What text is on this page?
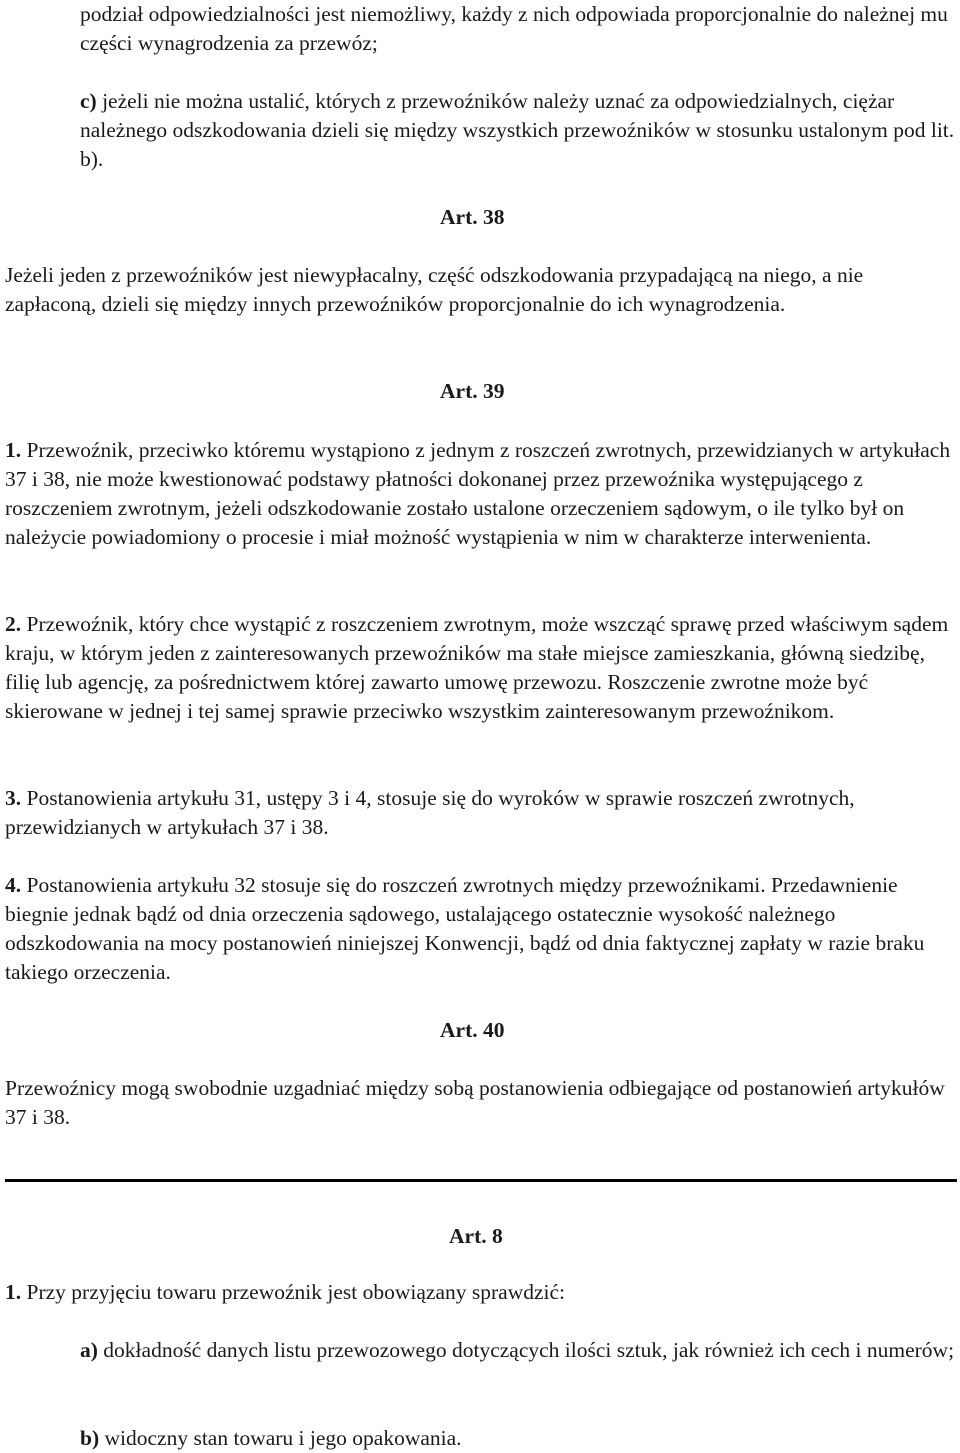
podział odpowiedzialności jest niemożliwy, każdy z nich odpowiada proporcjonalnie do należnej mu części wynagrodzenia za przewóz;

c) jeżeli nie można ustalić, których z przewoźników należy uznać za odpowiedzialnych, ciężar należnego odszkodowania dzieli się między wszystkich przewoźników w stosunku ustalonym pod lit. b).

Art. 38

Jeżeli jeden z przewoźników jest niewypłacalny, część odszkodowania przypadającą na niego, a nie zapłaconą, dzieli się między innych przewoźników proporcjonalnie do ich wynagrodzenia.

Art. 39

1. Przewoźnik, przeciwko któremu wystąpiono z jednym z roszczeń zwrotnych, przewidzianych w artykułach 37 i 38, nie może kwestionować podstawy płatności dokonanej przez przewoźnika występującego z roszczeniem zwrotnym, jeżeli odszkodowanie zostało ustalone orzeczeniem sądowym, o ile tylko był on należycie powiadomiony o procesie i miał możność wystąpienia w nim w charakterze interwenienta.

2. Przewoźnik, który chce wystąpić z roszczeniem zwrotnym, może wszcząć sprawę przed właściwym sądem kraju, w którym jeden z zainteresowanych przewoźników ma stałe miejsce zamieszkania, główną siedzibę, filię lub agencję, za pośrednictwem której zawarto umowę przewozu. Roszczenie zwrotne może być skierowane w jednej i tej samej sprawie przeciwko wszystkim zainteresowanym przewoźnikom.

3. Postanowienia artykułu 31, ustępy 3 i 4, stosuje się do wyroków w sprawie roszczeń zwrotnych, przewidzianych w artykułach 37 i 38.

4. Postanowienia artykułu 32 stosuje się do roszczeń zwrotnych między przewoźnikami. Przedawnienie biegnie jednak bądź od dnia orzeczenia sądowego, ustalającego ostatecznie wysokość należnego odszkodowania na mocy postanowień niniejszej Konwencji, bądź od dnia faktycznej zapłaty w razie braku takiego orzeczenia.

Art. 40

Przewoźnicy mogą swobodnie uzgadniać między sobą postanowienia odbiegające od postanowień artykułów 37 i 38.

Art. 8

1. Przy przyjęciu towaru przewoźnik jest obowiązany sprawdzić:

a) dokładność danych listu przewozowego dotyczących ilości sztuk, jak również ich cech i numerów;

b) widoczny stan towaru i jego opakowania.
